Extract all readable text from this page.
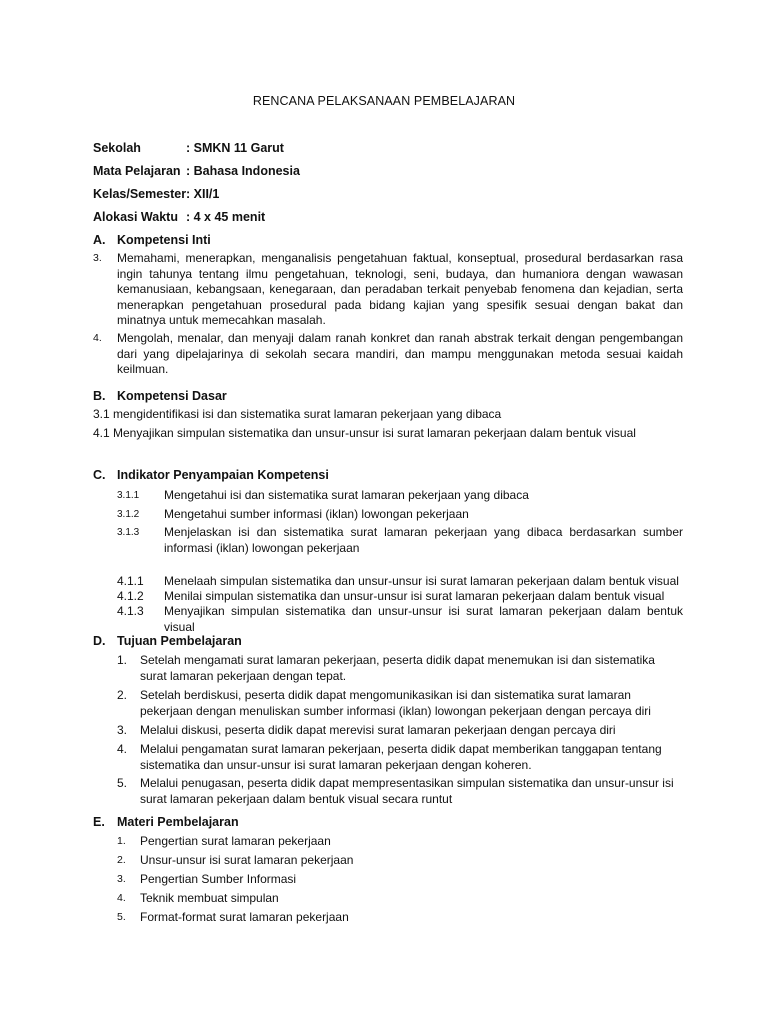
RENCANA PELAKSANAAN PEMBELAJARAN
Sekolah	: SMKN 11 Garut
Mata Pelajaran : Bahasa Indonesia
Kelas/Semester : XII/1
Alokasi Waktu : 4 x 45 menit
A. Kompetensi Inti
3. Memahami, menerapkan, menganalisis pengetahuan faktual, konseptual, prosedural berdasarkan rasa ingin tahunya tentang ilmu pengetahuan, teknologi, seni, budaya, dan humaniora dengan wawasan kemanusiaan, kebangsaan, kenegaraan, dan peradaban terkait penyebab fenomena dan kejadian, serta menerapkan pengetahuan prosedural pada bidang kajian yang spesifik sesuai dengan bakat dan minatnya untuk memecahkan masalah.
4. Mengolah, menalar, dan menyaji dalam ranah konkret dan ranah abstrak terkait dengan pengembangan dari yang dipelajarinya di sekolah secara mandiri, dan mampu menggunakan metoda sesuai kaidah keilmuan.
B. Kompetensi Dasar
3.1 mengidentifikasi isi dan sistematika surat lamaran pekerjaan yang dibaca
4.1 Menyajikan simpulan sistematika dan unsur-unsur isi surat lamaran pekerjaan dalam bentuk visual
C. Indikator Penyampaian Kompetensi
3.1.1 Mengetahui isi dan sistematika surat lamaran pekerjaan yang dibaca
3.1.2 Mengetahui sumber informasi (iklan) lowongan pekerjaan
3.1.3 Menjelaskan isi dan sistematika surat lamaran pekerjaan yang dibaca berdasarkan sumber informasi (iklan) lowongan pekerjaan
4.1.1 Menelaah simpulan sistematika dan unsur-unsur isi surat lamaran pekerjaan dalam bentuk visual
4.1.2 Menilai simpulan sistematika dan unsur-unsur isi surat lamaran pekerjaan dalam bentuk visual
4.1.3 Menyajikan simpulan sistematika dan unsur-unsur isi surat lamaran pekerjaan dalam bentuk visual
D. Tujuan Pembelajaran
1. Setelah mengamati surat lamaran pekerjaan, peserta didik dapat menemukan isi dan sistematika surat lamaran pekerjaan dengan tepat.
2. Setelah berdiskusi, peserta didik dapat mengomunikasikan isi dan sistematika surat lamaran pekerjaan dengan menuliskan sumber informasi (iklan) lowongan pekerjaan dengan percaya diri
3. Melalui diskusi, peserta didik dapat merevisi surat lamaran pekerjaan dengan percaya diri
4. Melalui pengamatan surat lamaran pekerjaan, peserta didik dapat memberikan tanggapan tentang sistematika dan unsur-unsur isi surat lamaran pekerjaan dengan koheren.
5. Melalui penugasan, peserta didik dapat mempresentasikan simpulan sistematika dan unsur-unsur isi surat lamaran pekerjaan dalam bentuk visual secara runtut
E. Materi Pembelajaran
1. Pengertian surat lamaran pekerjaan
2. Unsur-unsur isi surat lamaran pekerjaan
3. Pengertian Sumber Informasi
4. Teknik membuat simpulan
5. Format-format surat lamaran pekerjaan
